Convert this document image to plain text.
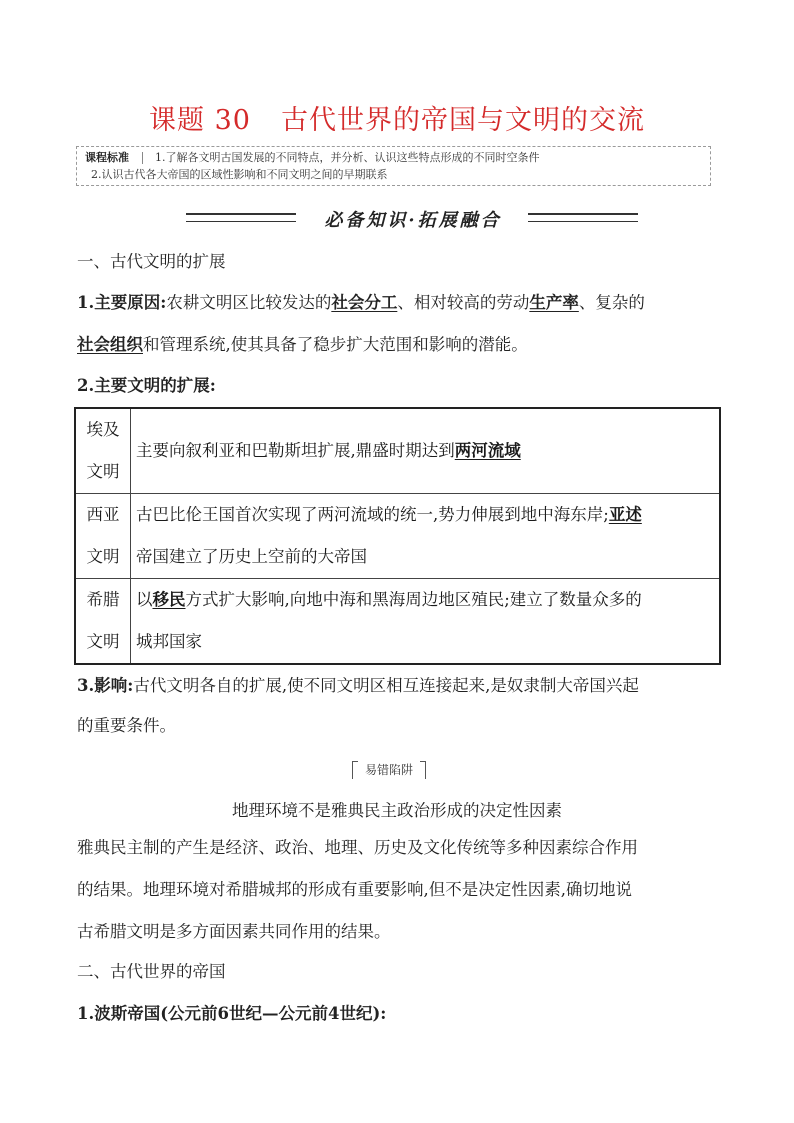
课题 30 古代世界的帝国与文明的交流
课程标准 1.了解各文明古国发展的不同特点，并分析、认识这些特点形成的不同时空条件
2.认识古代各大帝国的区域性影响和不同文明之间的早期联系
必备知识·拓展融合
一、古代文明的扩展
1.主要原因:农耕文明区比较发达的社会分工、相对较高的劳动生产率、复杂的
社会组织和管理系统,使其具备了稳步扩大范围和影响的潜能。
2.主要文明的扩展:
埃及
文明	主要向叙利亚和巴勒斯坦扩展,鼎盛时期达到两河流域
西亚
文明	古巴比伦王国首次实现了两河流域的统一,势力伸展到地中海东岸;亚述
帝国建立了历史上空前的大帝国
希腊
文明	以移民方式扩大影响,向地中海和黑海周边地区殖民;建立了数量众多的
城邦国家
3.影响:古代文明各自的扩展,使不同文明区相互连接起来,是奴隶制大帝国兴起
的重要条件。
易错陷阱
地理环境不是雅典民主政治形成的决定性因素
雅典民主制的产生是经济、政治、地理、历史及文化传统等多种因素综合作用
的结果。地理环境对希腊城邦的形成有重要影响,但不是决定性因素,确切地说
古希腊文明是多方面因素共同作用的结果。
二、古代世界的帝国
1.波斯帝国(公元前6世纪—公元前4世纪):
